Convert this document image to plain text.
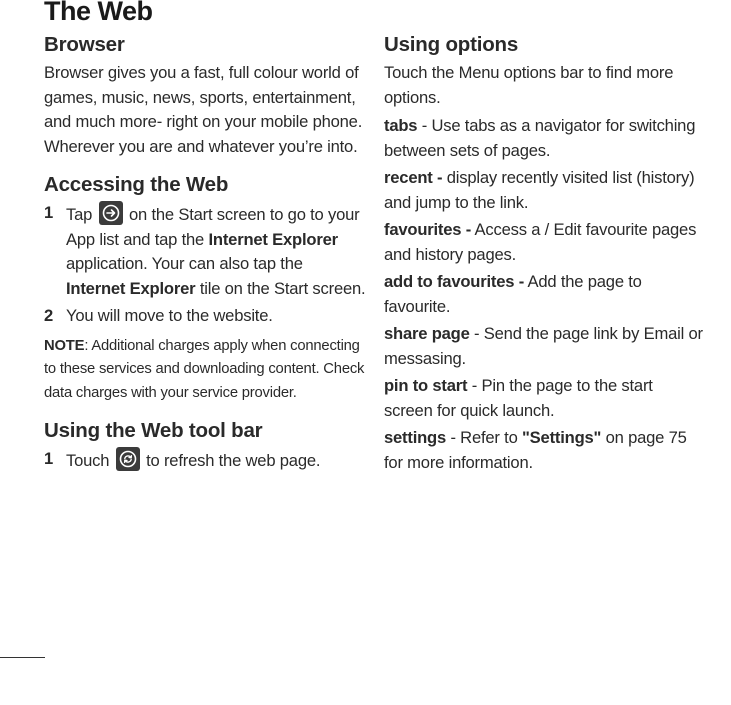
The Web
Browser

Browser gives you a fast, full colour world of games, music, news, sports, entertainment, and much more- right on your mobile phone. Wherever you are and whatever you’re into.

Accessing the Web
1 Tap on the Start screen to go to your App list and tap the Internet Explorer application. Your can also tap the Internet Explorer tile on the Start screen.
2 You will move to the website.

NOTE: Additional charges apply when connecting to these services and downloading content. Check data charges with your service provider.

Using the Web tool bar
1 Touch to refresh the web page.
Using options

Touch the Menu options bar to find more options.

tabs - Use tabs as a navigator for switching between sets of pages.

recent - display recently visited list (history) and jump to the link.

favourites - Access a / Edit favourite pages and history pages.

add to favourites - Add the page to favourite.

share page - Send the page link by Email or messasing.

pin to start - Pin the page to the start screen for quick launch.

settings - Refer to "Settings" on page 75 for more information.
